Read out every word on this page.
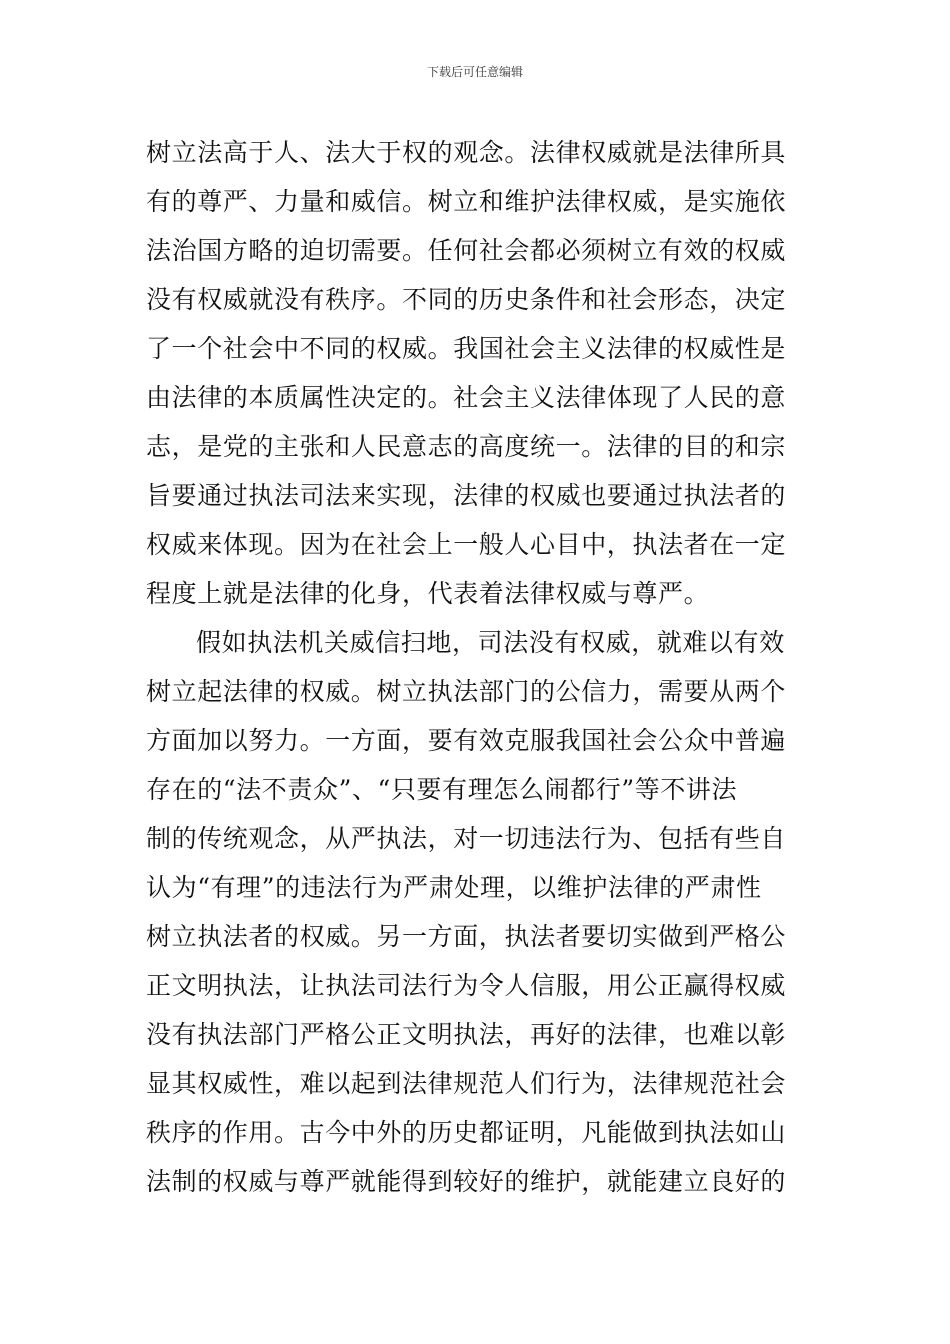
下载后可任意编辑
树立法高于人、法大于权的观念。法律权威就是法律所具
有的尊严、力量和威信。树立和维护法律权威，是实施依
法治国方略的迫切需要。任何社会都必须树立有效的权威
没有权威就没有秩序。不同的历史条件和社会形态，决定
了一个社会中不同的权威。我国社会主义法律的权威性是
由法律的本质属性决定的。社会主义法律体现了人民的意
志，是党的主张和人民意志的高度统一。法律的目的和宗
旨要通过执法司法来实现，法律的权威也要通过执法者的
权威来体现。因为在社会上一般人心目中，执法者在一定
程度上就是法律的化身，代表着法律权威与尊严。
假如执法机关威信扫地，司法没有权威，就难以有效
树立起法律的权威。树立执法部门的公信力，需要从两个
方面加以努力。一方面，要有效克服我国社会公众中普遍
存在的“法不责众”、“只要有理怎么闹都行”等不讲法
制的传统观念，从严执法，对一切违法行为、包括有些自
认为“有理”的违法行为严肃处理，以维护法律的严肃性
树立执法者的权威。另一方面，执法者要切实做到严格公
正文明执法，让执法司法行为令人信服，用公正赢得权威
没有执法部门严格公正文明执法，再好的法律，也难以彰
显其权威性，难以起到法律规范人们行为，法律规范社会
秩序的作用。古今中外的历史都证明，凡能做到执法如山
法制的权威与尊严就能得到较好的维护，就能建立良好的
